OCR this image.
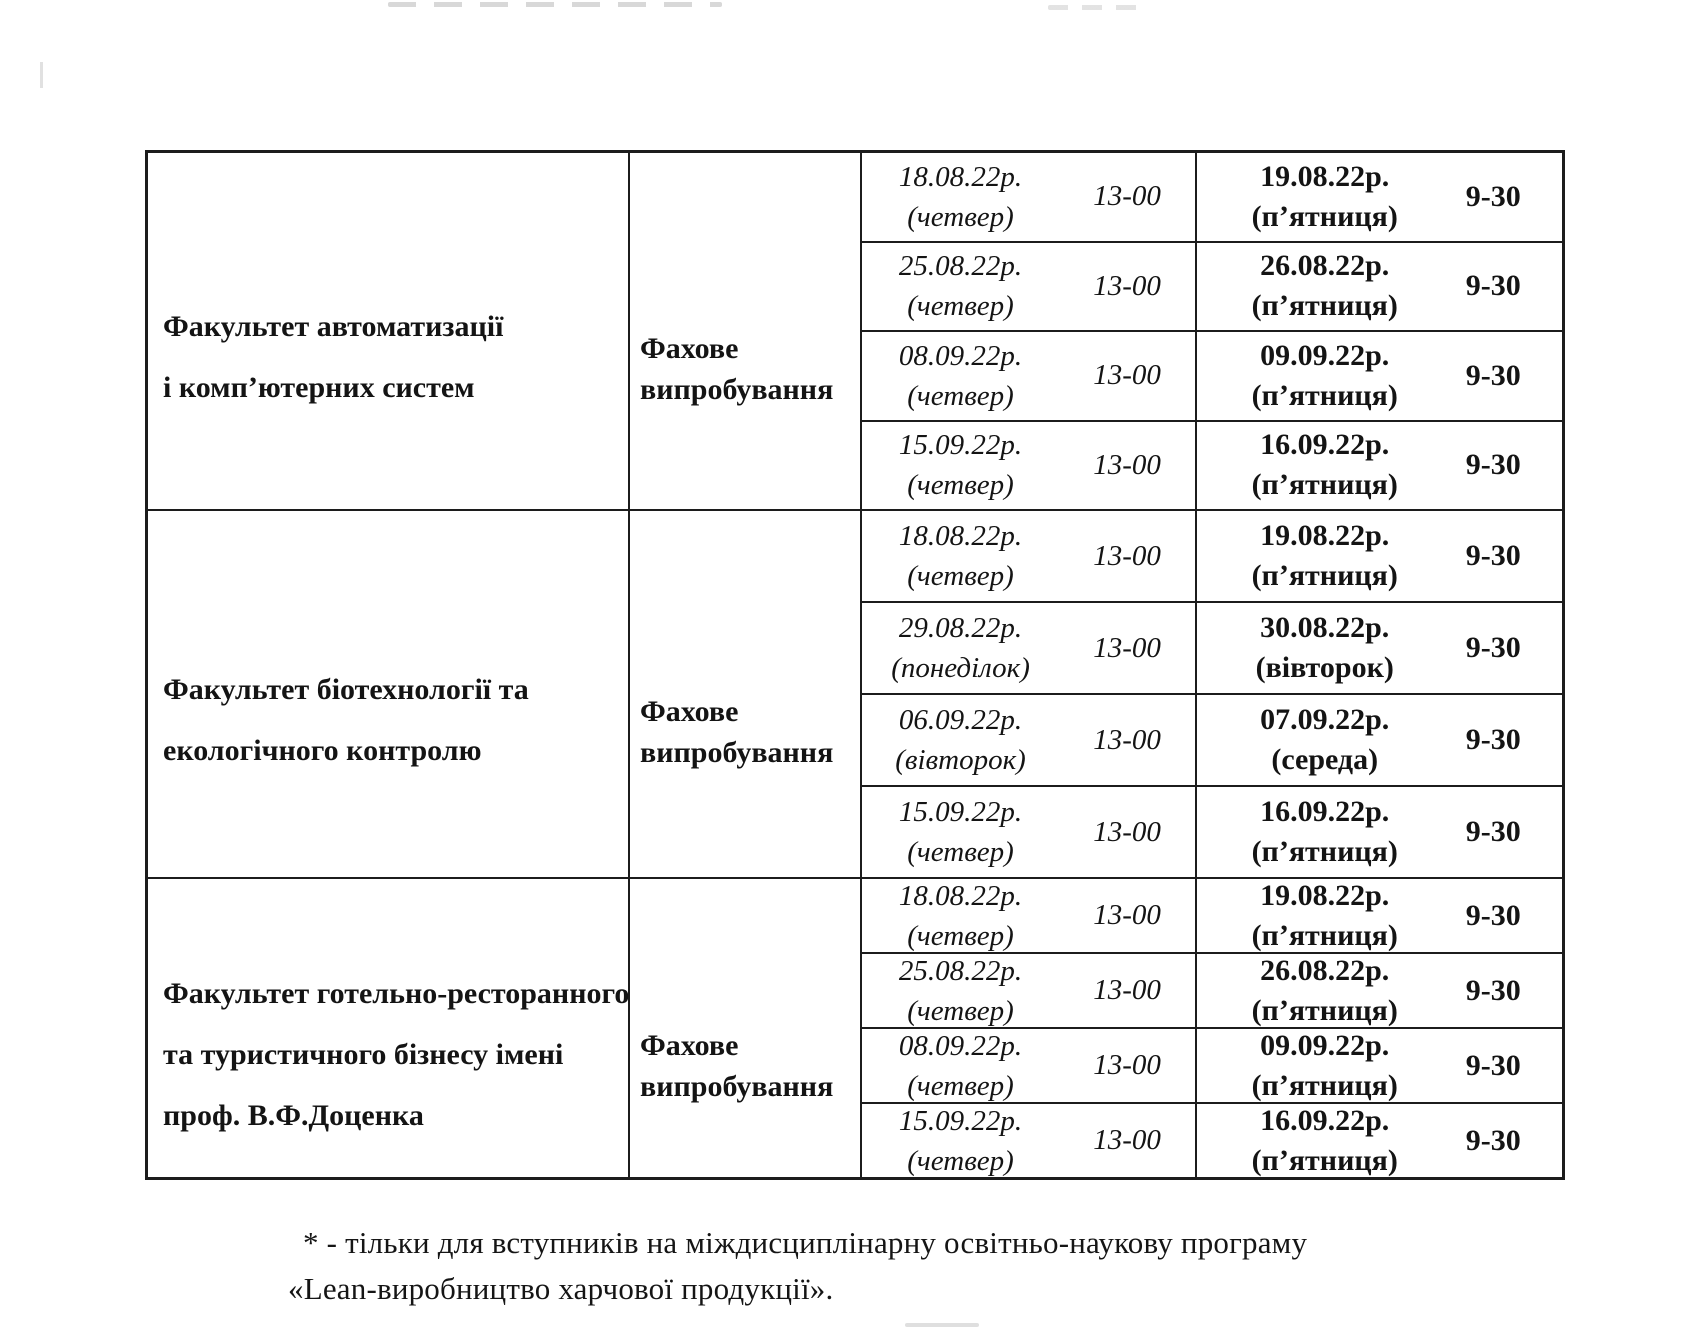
Факультет автоматизації
і комп’ютерних систем
Фахове
випробування
18.08.22р.
(четвер)
13-00
19.08.22р.
(п’ятниця)
9-30
25.08.22р.
(четвер)
13-00
26.08.22р.
(п’ятниця)
9-30
08.09.22р.
(четвер)
13-00
09.09.22р.
(п’ятниця)
9-30
15.09.22р.
(четвер)
13-00
16.09.22р.
(п’ятниця)
9-30
Факультет біотехнології та
екологічного контролю
Фахове
випробування
18.08.22р.
(четвер)
13-00
19.08.22р.
(п’ятниця)
9-30
29.08.22р.
(понеділок)
13-00
30.08.22р.
(вівторок)
9-30
06.09.22р.
(вівторок)
13-00
07.09.22р.
(середа)
9-30
15.09.22р.
(четвер)
13-00
16.09.22р.
(п’ятниця)
9-30
Факультет готельно-ресторанного
та туристичного бізнесу імені
проф. В.Ф.Доценка
Фахове
випробування
18.08.22р.
(четвер)
13-00
19.08.22р.
(п’ятниця)
9-30
25.08.22р.
(четвер)
13-00
26.08.22р.
(п’ятниця)
9-30
08.09.22р.
(четвер)
13-00
09.09.22р.
(п’ятниця)
9-30
15.09.22р.
(четвер)
13-00
16.09.22р.
(п’ятниця)
9-30
* - тільки для вступників на міждисциплінарну освітньо-наукову програму
«Lean-виробництво харчової продукції».
